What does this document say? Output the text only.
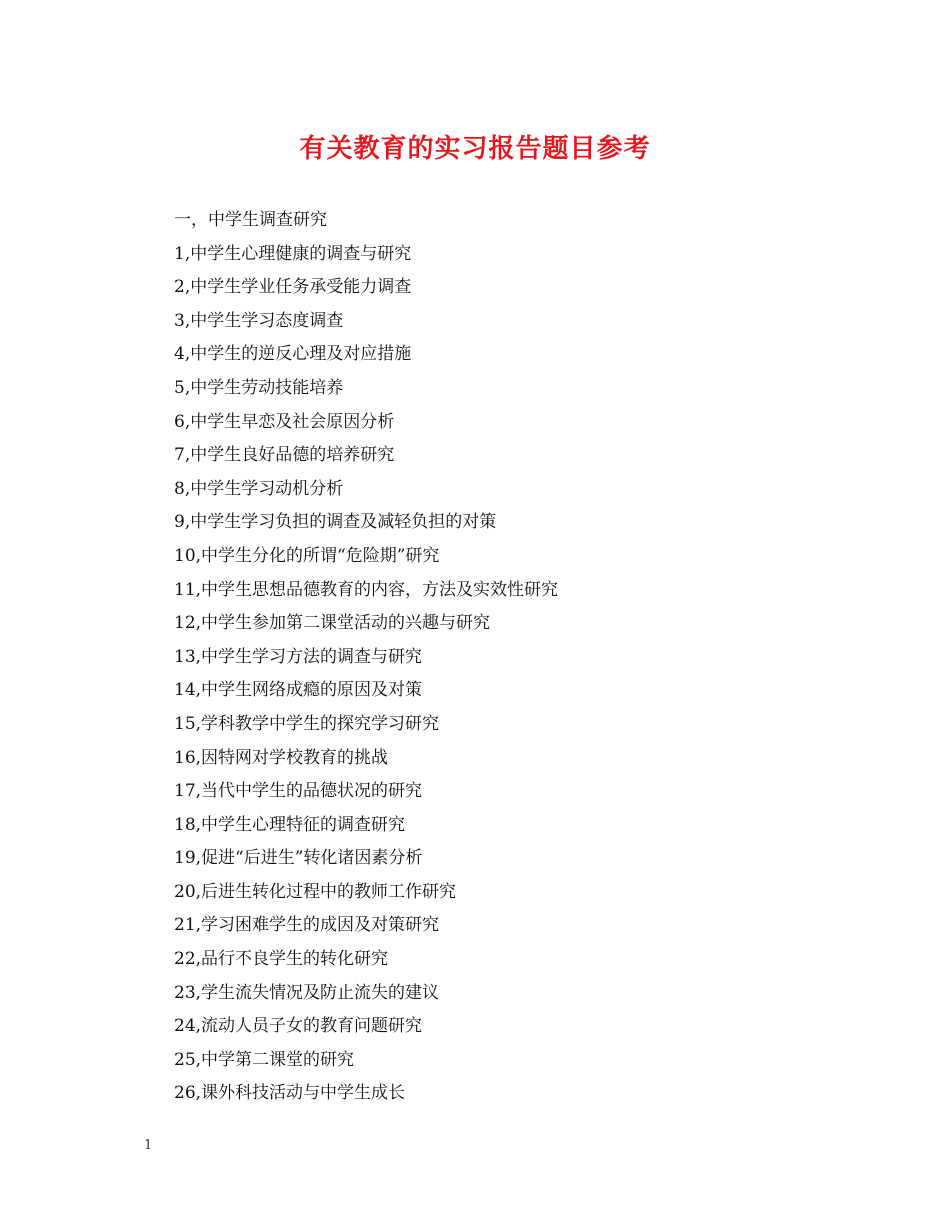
有关教育的实习报告题目参考
一，中学生调查研究
1,中学生心理健康的调查与研究
2,中学生学业任务承受能力调查
3,中学生学习态度调查
4,中学生的逆反心理及对应措施
5,中学生劳动技能培养
6,中学生早恋及社会原因分析
7,中学生良好品德的培养研究
8,中学生学习动机分析
9,中学生学习负担的调查及减轻负担的对策
10,中学生分化的所谓“危险期”研究
11,中学生思想品德教育的内容，方法及实效性研究
12,中学生参加第二课堂活动的兴趣与研究
13,中学生学习方法的调查与研究
14,中学生网络成瘾的原因及对策
15,学科教学中学生的探究学习研究
16,因特网对学校教育的挑战
17,当代中学生的品德状况的研究
18,中学生心理特征的调查研究
19,促进“后进生”转化诸因素分析
20,后进生转化过程中的教师工作研究
21,学习困难学生的成因及对策研究
22,品行不良学生的转化研究
23,学生流失情况及防止流失的建议
24,流动人员子女的教育问题研究
25,中学第二课堂的研究
26,课外科技活动与中学生成长
1
